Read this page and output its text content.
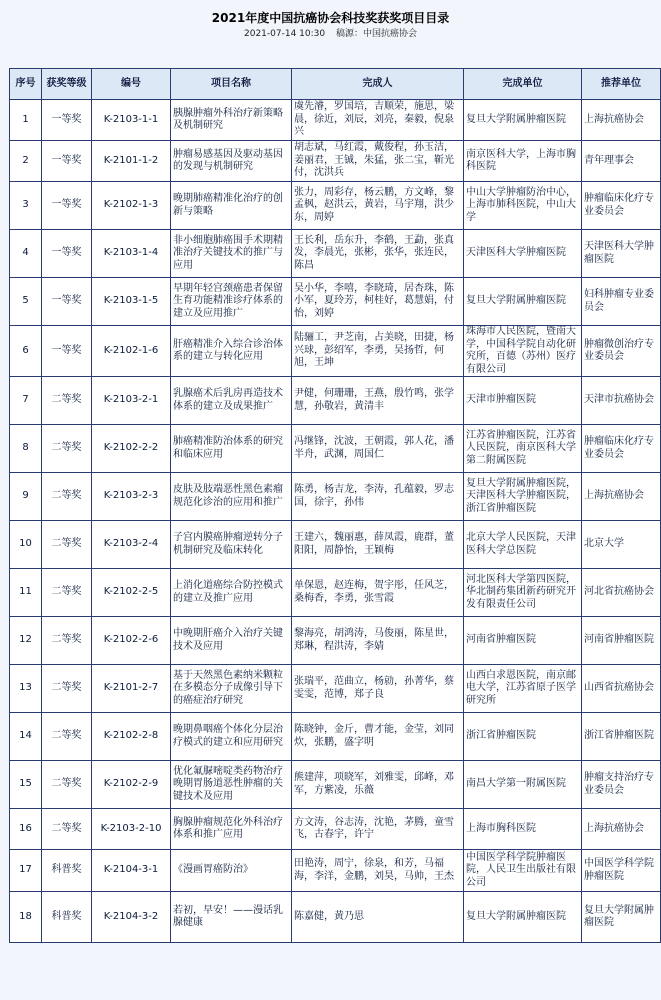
2021年度中国抗癌协会科技奖获奖项目目录
2021-07-14 10:30 稿源：中国抗癌协会
序号	获奖等级	编号	项目名称	完成人	完成单位	推荐单位
1	一等奖	K-2103-1-1	胰腺肿瘤外科治疗新策略及机制研究	虞先濬，罗国培，吉顺荣，施思，梁晨，徐近，刘辰，刘亮，秦毅，倪泉兴	复旦大学附属肿瘤医院	上海抗癌协会
2	一等奖	K-2101-1-2	肿瘤易感基因及驱动基因的发现与机制研究	胡志斌，马红霞，戴俊程，孙玉洁，姜丽君，王铖，朱猛，张二宝，靳光付，沈洪兵	南京医科大学，上海市胸科医院	青年理事会
3	一等奖	K-2102-1-3	晚期肺癌精准化治疗的创新与策略	张力，周彩存，杨云鹏，方文峰，黎孟枫，赵洪云，黄岩，马宇翔，洪少东，周婷	中山大学肿瘤防治中心，上海市肺科医院，中山大学	肿瘤临床化疗专业委员会
4	一等奖	K-2103-1-4	非小细胞肺癌围手术期精准治疗关键技术的推广与应用	王长利，岳东升，李鹤，王勐，张真发，李晨光，张彬，张华，张连民，陈昌	天津医科大学肿瘤医院	天津医科大学肿瘤医院
5	一等奖	K-2103-1-5	早期年轻宫颈癌患者保留生育功能精准诊疗体系的建立及应用推广	吴小华，李嘻，李晓琦，居杏珠，陈小军，夏玲芳，柯桂好，葛慧娟，付怡，刘婷	复旦大学附属肿瘤医院	妇科肿瘤专业委员会
6	一等奖	K-2102-1-6	肝癌精准介入综合诊治体系的建立与转化应用	陆骊工，尹芝南，占美晓，田捷，杨兴球，彭绍军，李勇，吴扬哲，何旭，王坤	珠海市人民医院，暨南大学，中国科学院自动化研究所，百德（苏州）医疗有限公司	肿瘤微创治疗专业委员会
7	二等奖	K-2103-2-1	乳腺癌术后乳房再造技术体系的建立及成果推广	尹健，何珊珊，王燕，殷竹鸣，张学慧，孙敬岩，黄清丰	天津市肿瘤医院	天津市抗癌协会
8	二等奖	K-2102-2-2	肺癌精准防治体系的研究和临床应用	冯继锋，沈波，王朝霞，郭人花，潘半舟，武渊，周国仁	江苏省肿瘤医院，江苏省人民医院，南京医科大学第二附属医院	肿瘤临床化疗专业委员会
9	二等奖	K-2103-2-3	皮肤及肢端恶性黑色素瘤规范化诊治的应用和推广	陈勇，杨吉龙，李涛，孔蕴毅，罗志国，徐宇，孙伟	复旦大学附属肿瘤医院，天津医科大学肿瘤医院，浙江省肿瘤医院	上海抗癌协会
10	二等奖	K-2103-2-4	子宫内膜癌肿瘤逆转分子机制研究及临床转化	王建六，魏丽惠，薛凤霞，鹿群，董阳阳，周静怡，王颖梅	北京大学人民医院，天津医科大学总医院	北京大学
11	二等奖	K-2102-2-5	上消化道癌综合防控模式的建立及推广应用	单保恩，赵连梅，贺宇彤，任风芝，桑梅香，李勇，张雪霞	河北医科大学第四医院，华北制药集团新药研究开发有限责任公司	河北省抗癌协会
12	二等奖	K-2102-2-6	中晚期肝癌介入治疗关键技术及应用	黎海亮，胡鸿涛，马俊丽，陈星世，郑琳，程洪涛，李婧	河南省肿瘤医院	河南省肿瘤医院
13	二等奖	K-2101-2-7	基于天然黑色素纳米颗粒在多模态分子成像引导下的癌症治疗研究	张瑞平，范曲立，杨勍，孙菁华，蔡雯雯，范博，郑子良	山西白求恩医院，南京邮电大学，江苏省原子医学研究所	山西省抗癌协会
14	二等奖	K-2102-2-8	晚期鼻咽癌个体化分层治疗模式的建立和应用研究	陈晓钟，金斤，曹才能，金莹，刘同炊，张鹏，盛字明	浙江省肿瘤医院	浙江省肿瘤医院
15	二等奖	K-2102-2-9	优化氟脲嘧啶类药物治疗晚期胃肠道恶性肿瘤的关键技术及应用	熊建萍，项晓军，刘雅雯，邱峰，邓军，方紫凌，乐薇	南昌大学第一附属医院	肿瘤支持治疗专业委员会
16	二等奖	K-2103-2-10	胸腺肿瘤规范化外科治疗体系和推广应用	方文涛，谷志涛，沈艳，茅腾，童雪飞，古春宇，许宁	上海市胸科医院	上海抗癌协会
17	科普奖	K-2104-3-1	《漫画胃癌防治》	田艳涛，周宁，徐泉，和芳，马福海，李洋，金鹏，刘昊，马帅，王杰	中国医学科学院肿瘤医院，人民卫生出版社有限公司	中国医学科学院肿瘤医院
18	科普奖	K-2104-3-2	若初，早安！——漫话乳腺健康	陈嘉健，黄乃思	复旦大学附属肿瘤医院	复旦大学附属肿瘤医院
